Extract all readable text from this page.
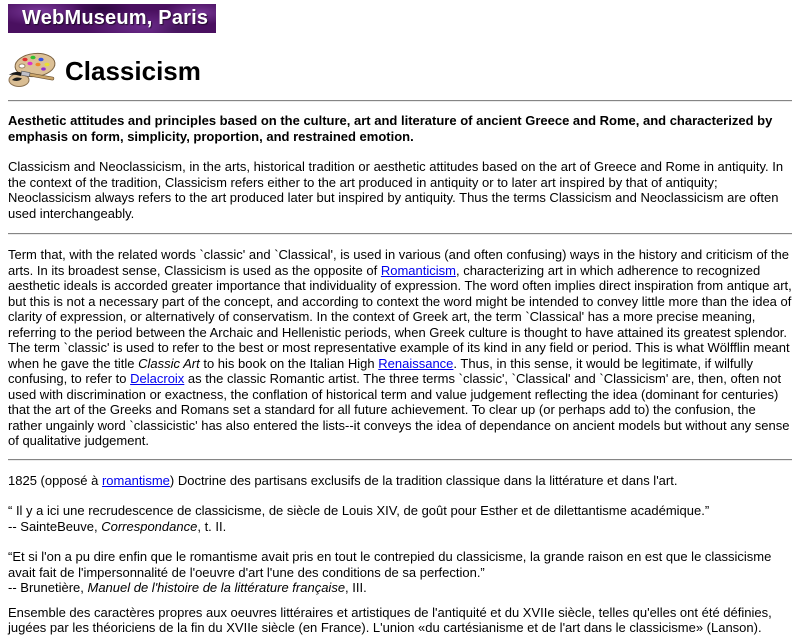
WebMuseum, Paris
Classicism

Aesthetic attitudes and principles based on the culture, art and literature of ancient Greece and Rome, and characterized by emphasis on form, simplicity, proportion, and restrained emotion.

Classicism and Neoclassicism, in the arts, historical tradition or aesthetic attitudes based on the art of Greece and Rome in antiquity. In the context of the tradition, Classicism refers either to the art produced in antiquity or to later art inspired by that of antiquity; Neoclassicism always refers to the art produced later but inspired by antiquity. Thus the terms Classicism and Neoclassicism are often used interchangeably.

Term that, with the related words `classic' and `Classical', is used in various (and often confusing) ways in the history and criticism of the arts. In its broadest sense, Classicism is used as the opposite of Romanticism, characterizing art in which adherence to recognized aesthetic ideals is accorded greater importance that individuality of expression. The word often implies direct inspiration from antique art, but this is not a necessary part of the concept, and according to context the word might be intended to convey little more than the idea of clarity of expression, or alternatively of conservatism. In the context of Greek art, the term `Classical' has a more precise meaning, referring to the period between the Archaic and Hellenistic periods, when Greek culture is thought to have attained its greatest splendor. The term `classic' is used to refer to the best or most representative example of its kind in any field or period. This is what Wölfflin meant when he gave the title Classic Art to his book on the Italian High Renaissance. Thus, in this sense, it would be legitimate, if wilfully confusing, to refer to Delacroix as the classic Romantic artist. The three terms `classic', `Classical' and `Classicism' are, then, often not used with discrimination or exactness, the conflation of historical term and value judgement reflecting the idea (dominant for centuries) that the art of the Greeks and Romans set a standard for all future achievement. To clear up (or perhaps add to) the confusion, the rather ungainly word `classicistic' has also entered the lists--it conveys the idea of dependance on ancient models but without any sense of qualitative judgement.

1825 (opposé à romantisme) Doctrine des partisans exclusifs de la tradition classique dans la littérature et dans l'art.

“ Il y a ici une recrudescence de classicisme, de siècle de Louis XIV, de goût pour Esther et de dilettantisme académique.”
-- SainteBeuve, Correspondance, t. II.

“Et si l'on a pu dire enfin que le romantisme avait pris en tout le contrepied du classicisme, la grande raison en est que le classicisme avait fait de l'impersonnalité de l'oeuvre d'art l'une des conditions de sa perfection.”
-- Brunetière, Manuel de l'histoire de la littérature française, III.

Ensemble des caractères propres aux oeuvres littéraires et artistiques de l'antiquité et du XVIIe siècle, telles qu'elles ont été définies, jugées par les théoriciens de la fin du XVIIe siècle (en France). L'union «du cartésianisme et de l'art dans le classicisme» (Lanson).
